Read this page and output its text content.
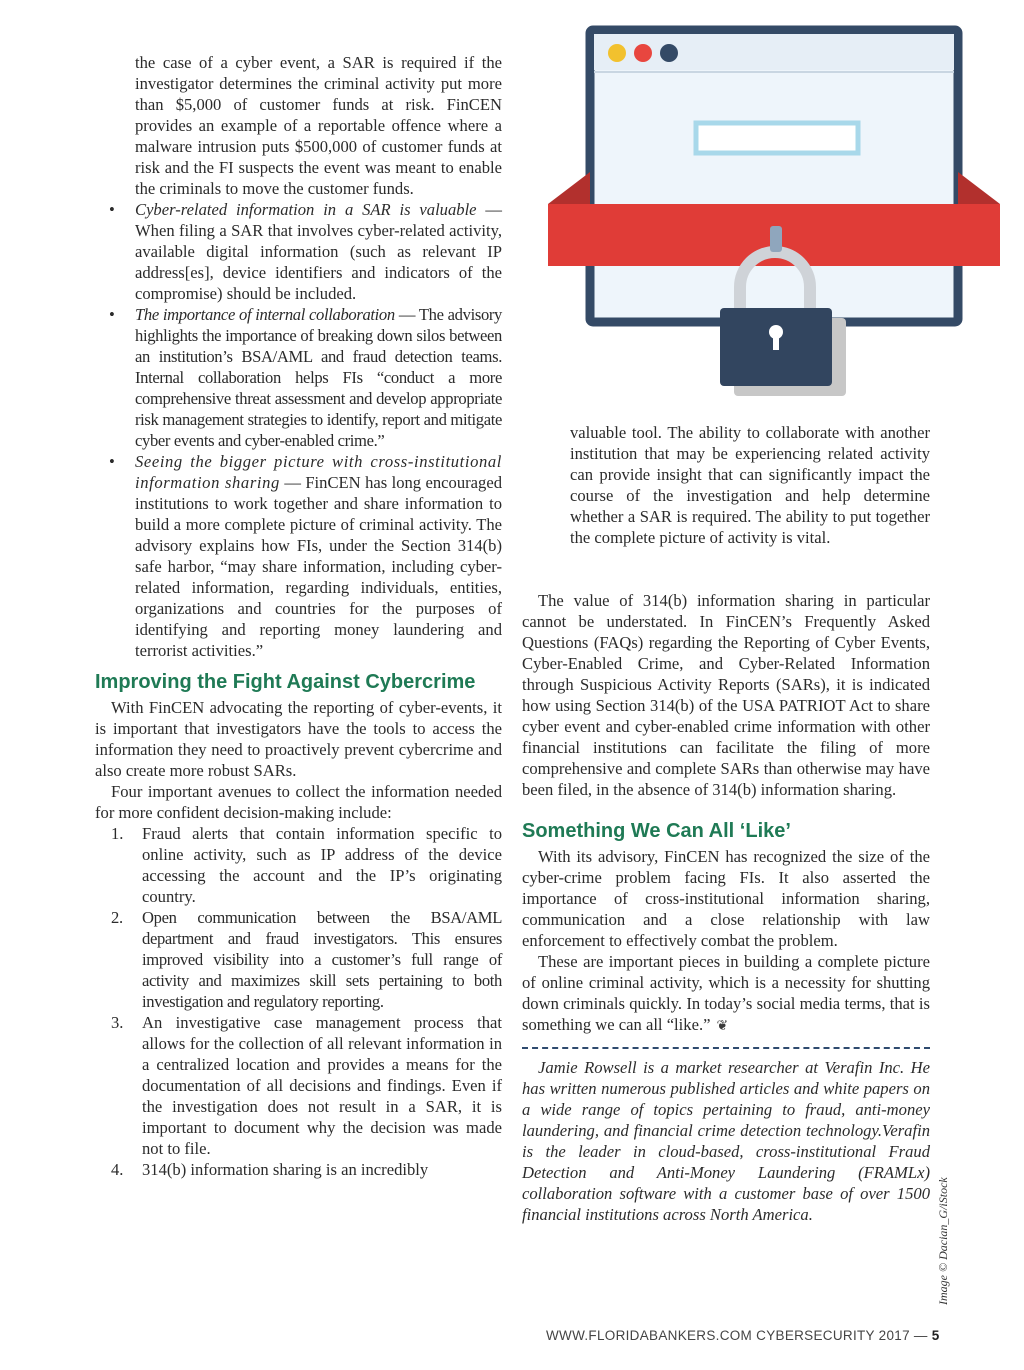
the case of a cyber event, a SAR is required if the investigator determines the criminal activity put more than $5,000 of customer funds at risk. FinCEN provides an example of a reportable offence where a malware intrusion puts $500,000 of customer funds at risk and the FI suspects the event was meant to enable the criminals to move the customer funds.

• Cyber-related information in a SAR is valuable — When filing a SAR that involves cyber-related activity, available digital information (such as relevant IP address[es], device identifiers and indicators of the compromise) should be included.
• The importance of internal collaboration — The advisory highlights the importance of breaking down silos between an institution’s BSA/AML and fraud detection teams. Internal collaboration helps FIs “conduct a more comprehensive threat assessment and develop appropriate risk management strategies to identify, report and mitigate cyber events and cyber-enabled crime.”
• Seeing the bigger picture with cross-institutional information sharing — FinCEN has long encouraged institutions to work together and share information to build a more complete picture of criminal activity. The advisory explains how FIs, under the Section 314(b) safe harbor, “may share information, including cyber-related information, regarding individuals, entities, organizations and countries for the purposes of identifying and reporting money laundering and terrorist activities.”
Improving the Fight Against Cybercrime

With FinCEN advocating the reporting of cyber-events, it is important that investigators have the tools to access the information they need to proactively prevent cybercrime and also create more robust SARs.

Four important avenues to collect the information needed for more confident decision-making include:

1. Fraud alerts that contain information specific to online activity, such as IP address of the device accessing the account and the IP’s originating country.
2. Open communication between the BSA/AML department and fraud investigators. This ensures improved visibility into a customer’s full range of activity and maximizes skill sets pertaining to both investigation and regulatory reporting.
3. An investigative case management process that allows for the collection of all relevant information in a centralized location and provides a means for the documentation of all decisions and findings. Even if the investigation does not result in a SAR, it is important to document why the decision was made not to file.
4. 314(b) information sharing is an incredibly

valuable tool. The ability to collaborate with another institution that may be experiencing related activity can provide insight that can significantly impact the course of the investigation and help determine whether a SAR is required. The ability to put together the complete picture of activity is vital.

The value of 314(b) information sharing in particular cannot be understated. In FinCEN’s Frequently Asked Questions (FAQs) regarding the Reporting of Cyber Events, Cyber-Enabled Crime, and Cyber-Related Information through Suspicious Activity Reports (SARs), it is indicated how using Section 314(b) of the USA PATRIOT Act to share cyber event and cyber-enabled crime information with other financial institutions can facilitate the filing of more comprehensive and complete SARs than otherwise may have been filed, in the absence of 314(b) information sharing.

Something We Can All ‘Like’

With its advisory, FinCEN has recognized the size of the cyber-crime problem facing FIs. It also asserted the importance of cross-institutional information sharing, communication and a close relationship with law enforcement to effectively combat the problem.

These are important pieces in building a complete picture of online criminal activity, which is a necessity for shutting down criminals quickly. In today’s social media terms, that is something we can all “like.” ❦

Jamie Rowsell is a market researcher at Verafin Inc. He has written numerous published articles and white papers on a wide range of topics pertaining to fraud, anti-money laundering, and financial crime detection technology.Verafin is the leader in cloud-based, cross-institutional Fraud Detection and Anti-Money Laundering (FRAMLx) collaboration software with a customer base of over 1500 financial institutions across North America.	Image © Dacian_G/iStock
WWW.FLORIDABANKERS.COM CYBERSECURITY 2017 — 5
